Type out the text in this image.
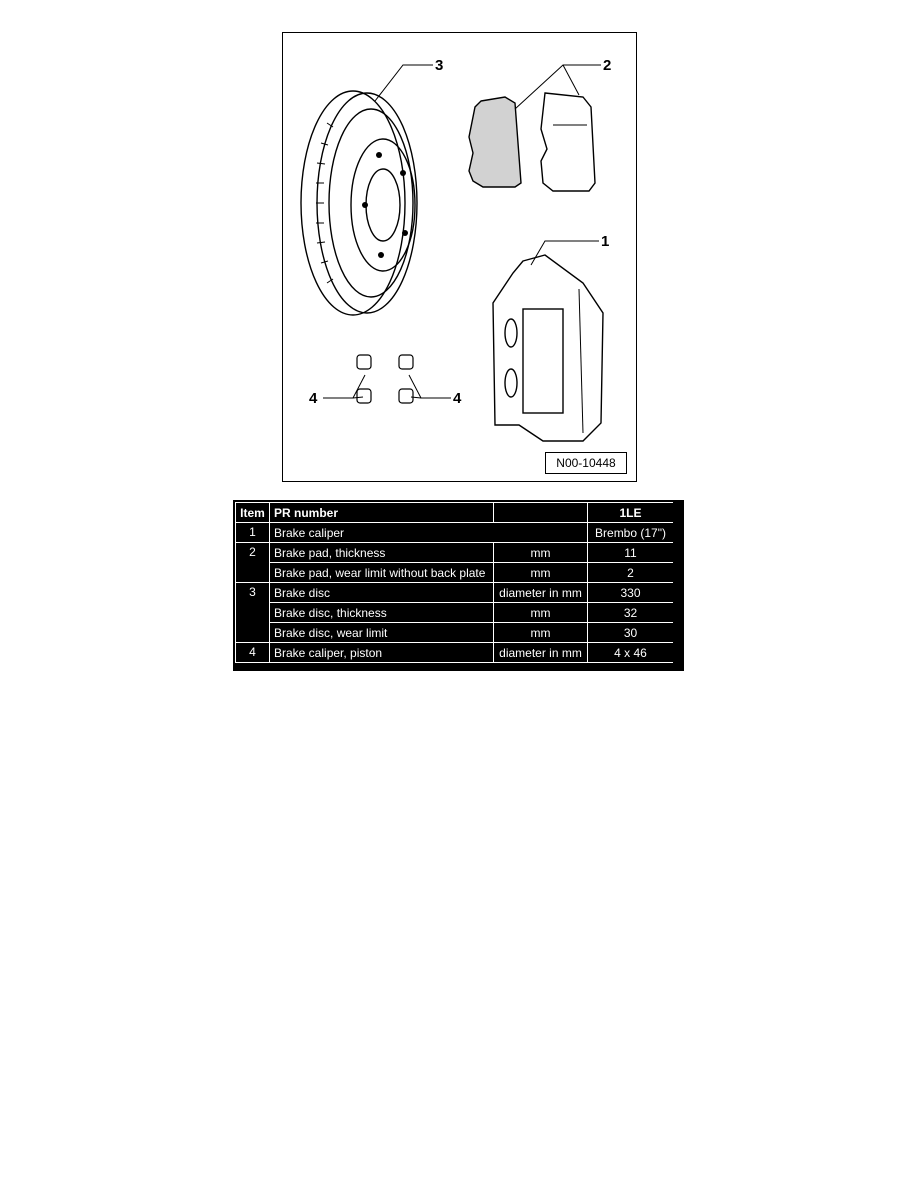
3	2
1
4	4
N00-10448
Item	PR number		1LE
1	Brake caliper		Brembo (17")
2	Brake pad, thickness	mm	11
	Brake pad, wear limit without back plate	mm	2
3	Brake disc	diameter in mm	330
	Brake disc, thickness	mm	32
	Brake disc, wear limit	mm	30
4	Brake caliper, piston	diameter in mm	4 x 46
